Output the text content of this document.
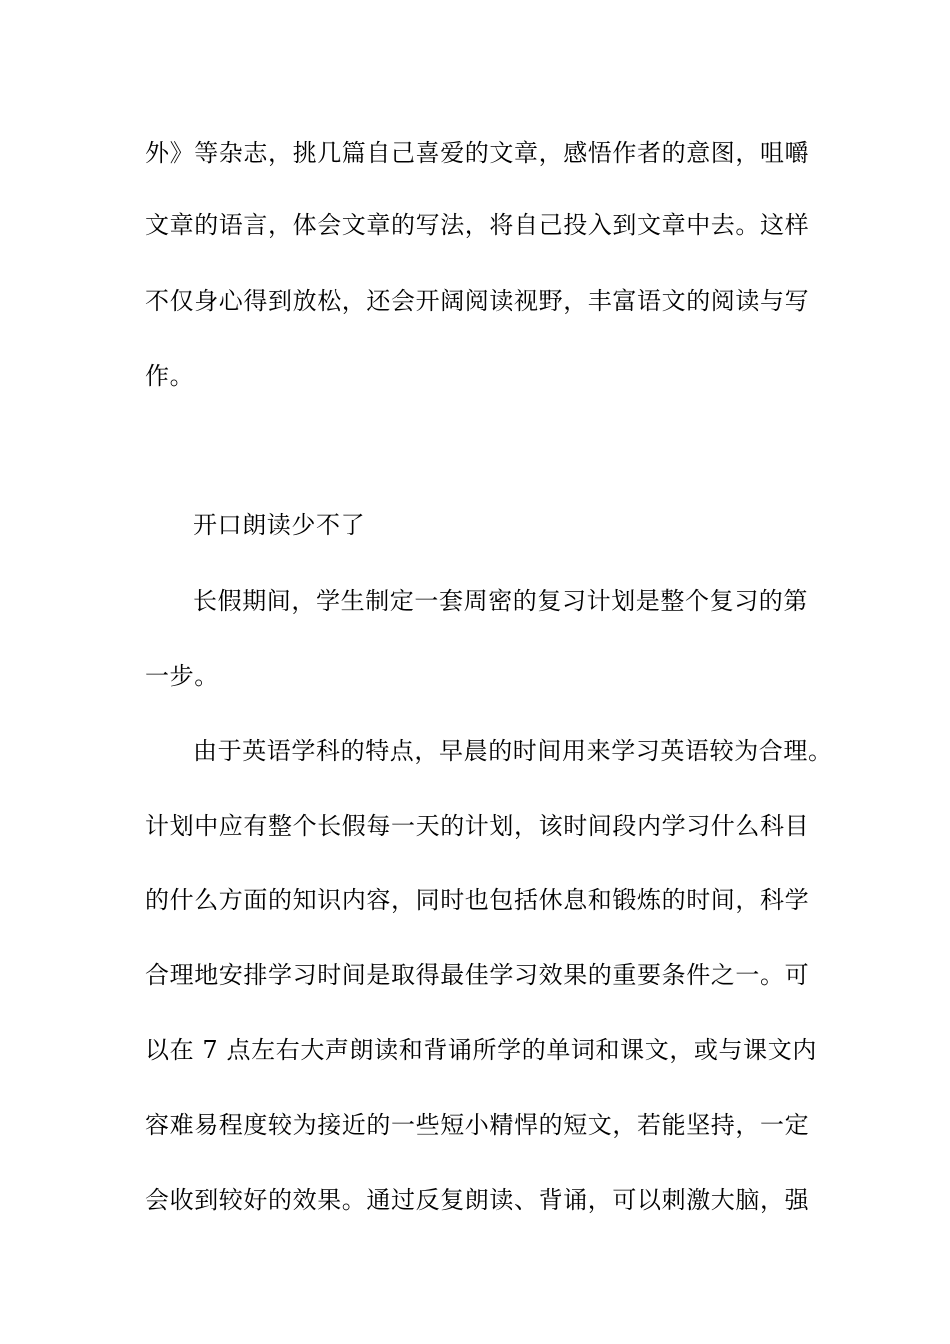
外》等杂志，挑几篇自己喜爱的文章，感悟作者的意图，咀嚼
文章的语言，体会文章的写法，将自己投入到文章中去。这样
不仅身心得到放松，还会开阔阅读视野，丰富语文的阅读与写
作。
开口朗读少不了
长假期间，学生制定一套周密的复习计划是整个复习的第
一步。
由于英语学科的特点，早晨的时间用来学习英语较为合理。
计划中应有整个长假每一天的计划，该时间段内学习什么科目
的什么方面的知识内容，同时也包括休息和锻炼的时间，科学
合理地安排学习时间是取得最佳学习效果的重要条件之一。可
以在 7 点左右大声朗读和背诵所学的单词和课文，或与课文内
容难易程度较为接近的一些短小精悍的短文，若能坚持，一定
会收到较好的效果。通过反复朗读、背诵，可以刺激大脑，强
